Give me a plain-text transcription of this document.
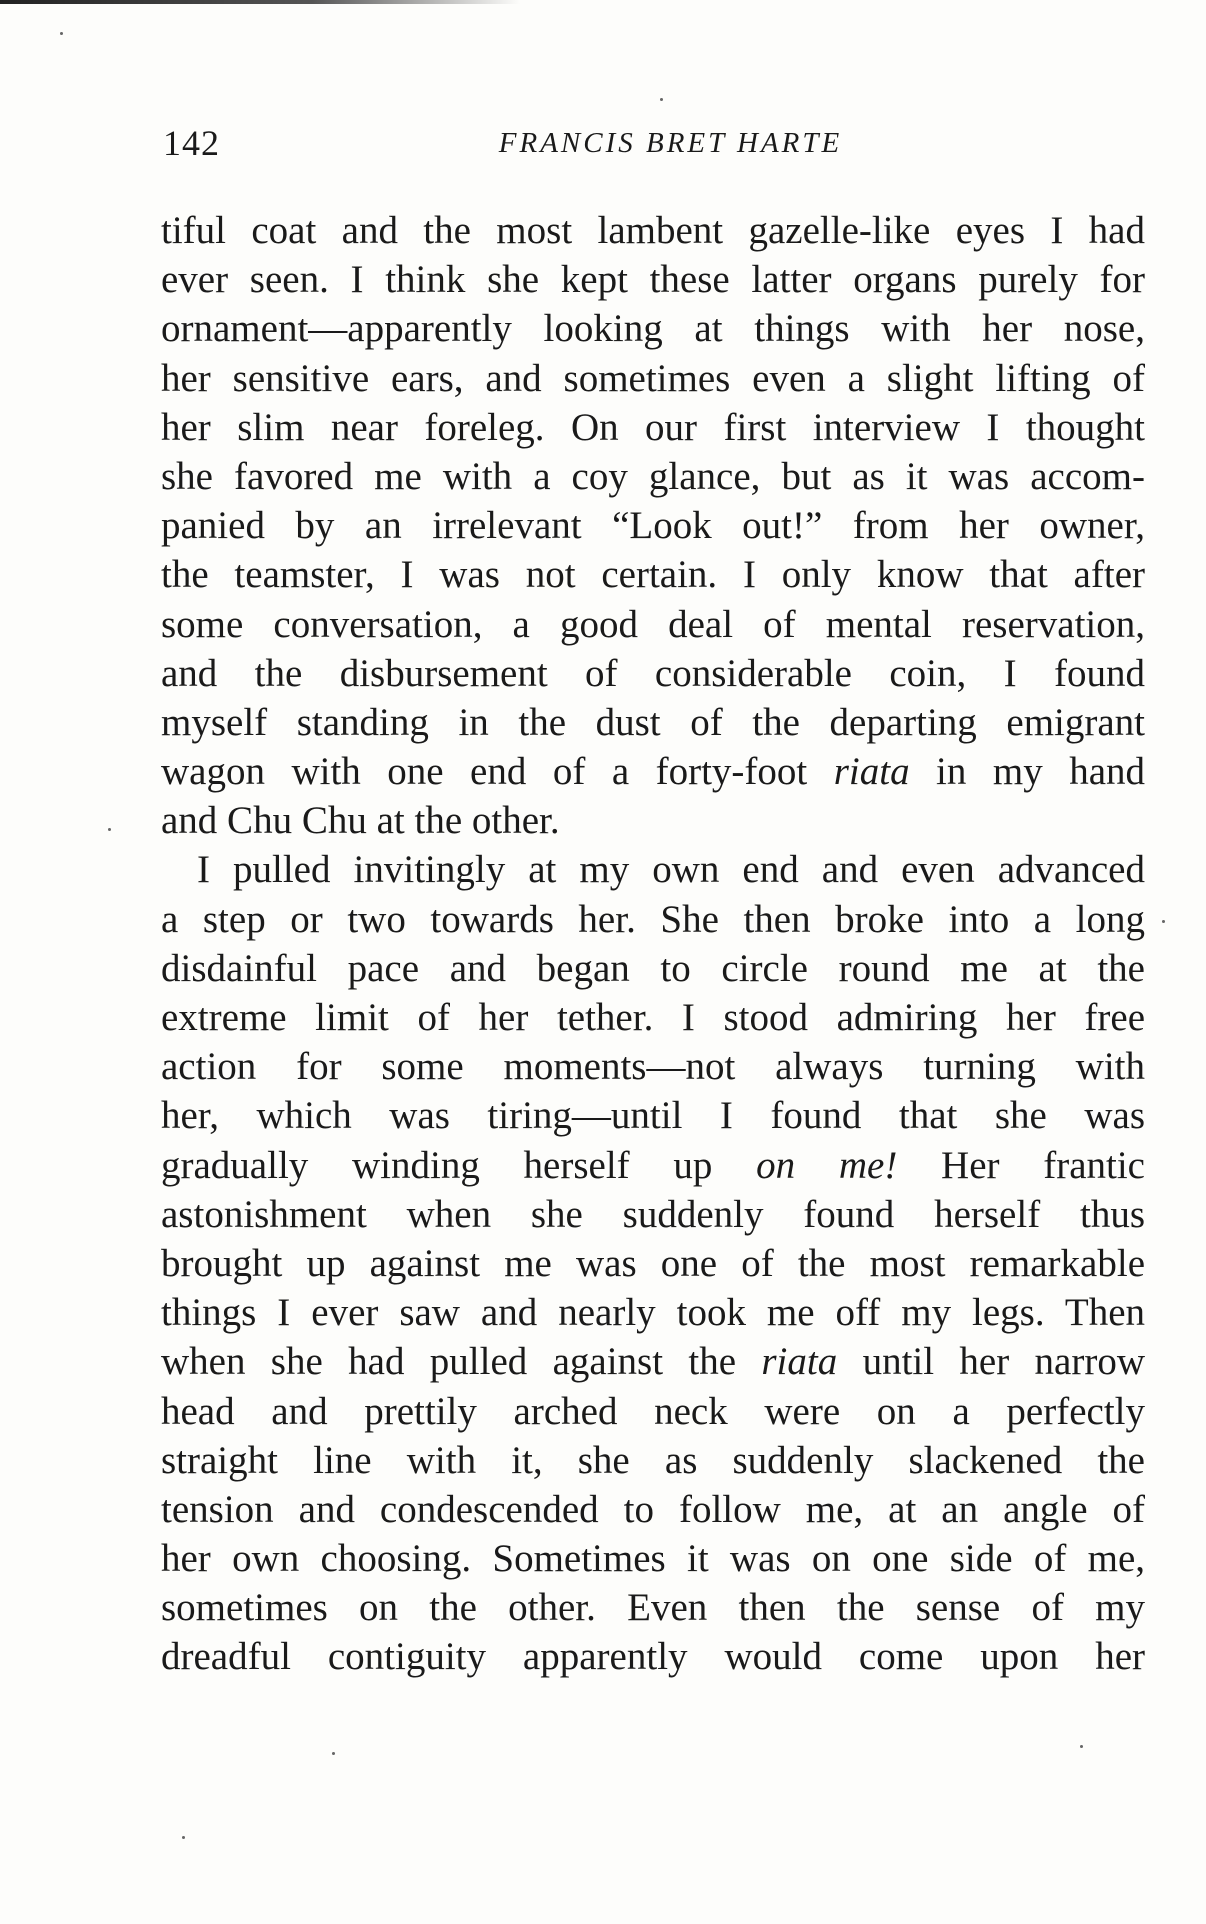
142	FRANCIS BRET HARTE
tiful coat and the most lambent gazelle-like eyes I had
ever seen. I think she kept these latter organs purely for
ornament—apparently looking at things with her nose,
her sensitive ears, and sometimes even a slight lifting of
her slim near foreleg. On our first interview I thought
she favored me with a coy glance, but as it was accom-
panied by an irrelevant “Look out!” from her owner,
the teamster, I was not certain. I only know that after
some conversation, a good deal of mental reservation,
and the disbursement of considerable coin, I found
myself standing in the dust of the departing emigrant
wagon with one end of a forty-foot riata in my hand
and Chu Chu at the other.
I pulled invitingly at my own end and even advanced
a step or two towards her. She then broke into a long
disdainful pace and began to circle round me at the
extreme limit of her tether. I stood admiring her free
action for some moments—not always turning with
her, which was tiring—until I found that she was
gradually winding herself up on me! Her frantic
astonishment when she suddenly found herself thus
brought up against me was one of the most remarkable
things I ever saw and nearly took me off my legs. Then
when she had pulled against the riata until her narrow
head and prettily arched neck were on a perfectly
straight line with it, she as suddenly slackened the
tension and condescended to follow me, at an angle of
her own choosing. Sometimes it was on one side of me,
sometimes on the other. Even then the sense of my
dreadful contiguity apparently would come upon her
